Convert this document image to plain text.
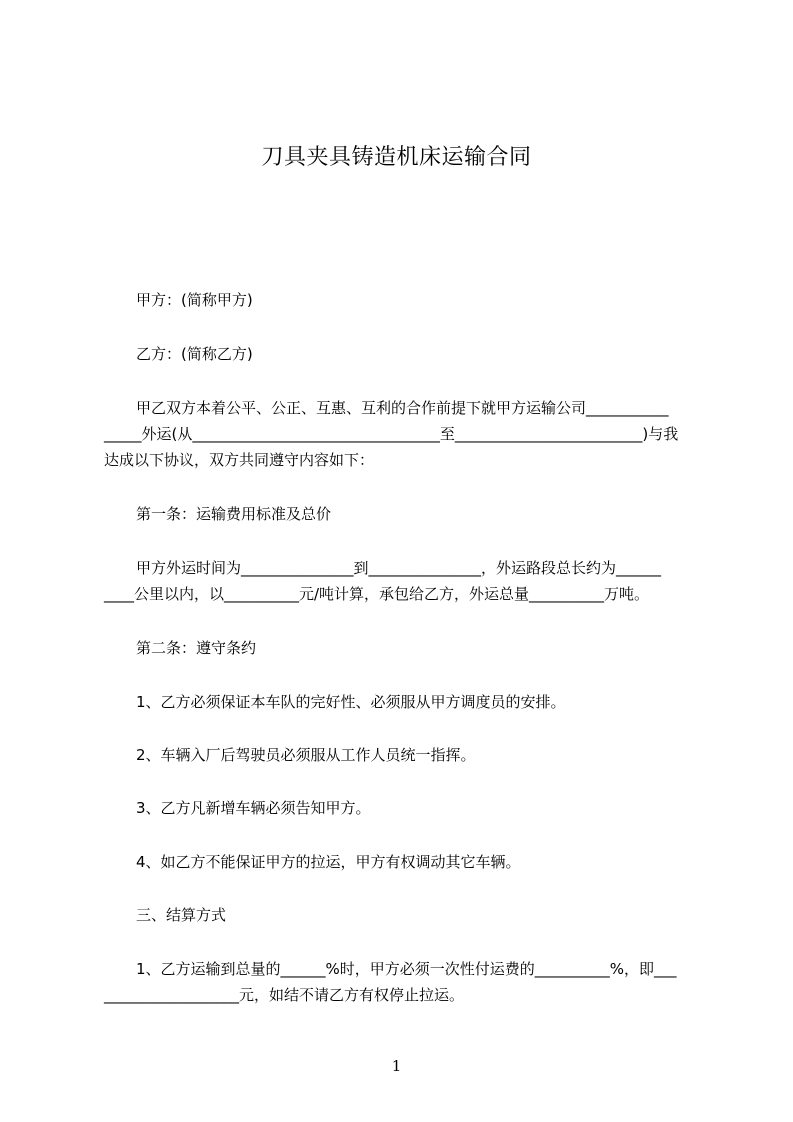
刀具夹具铸造机床运输合同
甲方：(简称甲方)
乙方：(简称乙方)
甲乙双方本着公平、公正、互惠、互利的合作前提下就甲方运输公司___________
_____外运(从_________________________________至_________________________)与我
达成以下协议，双方共同遵守内容如下：
第一条：运输费用标准及总价
甲方外运时间为_______________到_______________，外运路段总长约为______
____公里以内，以__________元/吨计算，承包给乙方，外运总量__________万吨。
第二条：遵守条约
1、乙方必须保证本车队的完好性、必须服从甲方调度员的安排。
2、车辆入厂后驾驶员必须服从工作人员统一指挥。
3、乙方凡新增车辆必须告知甲方。
4、如乙方不能保证甲方的拉运，甲方有权调动其它车辆。
三、结算方式
1、乙方运输到总量的______%时，甲方必须一次性付运费的__________%，即___
__________________元，如结不请乙方有权停止拉运。
1
